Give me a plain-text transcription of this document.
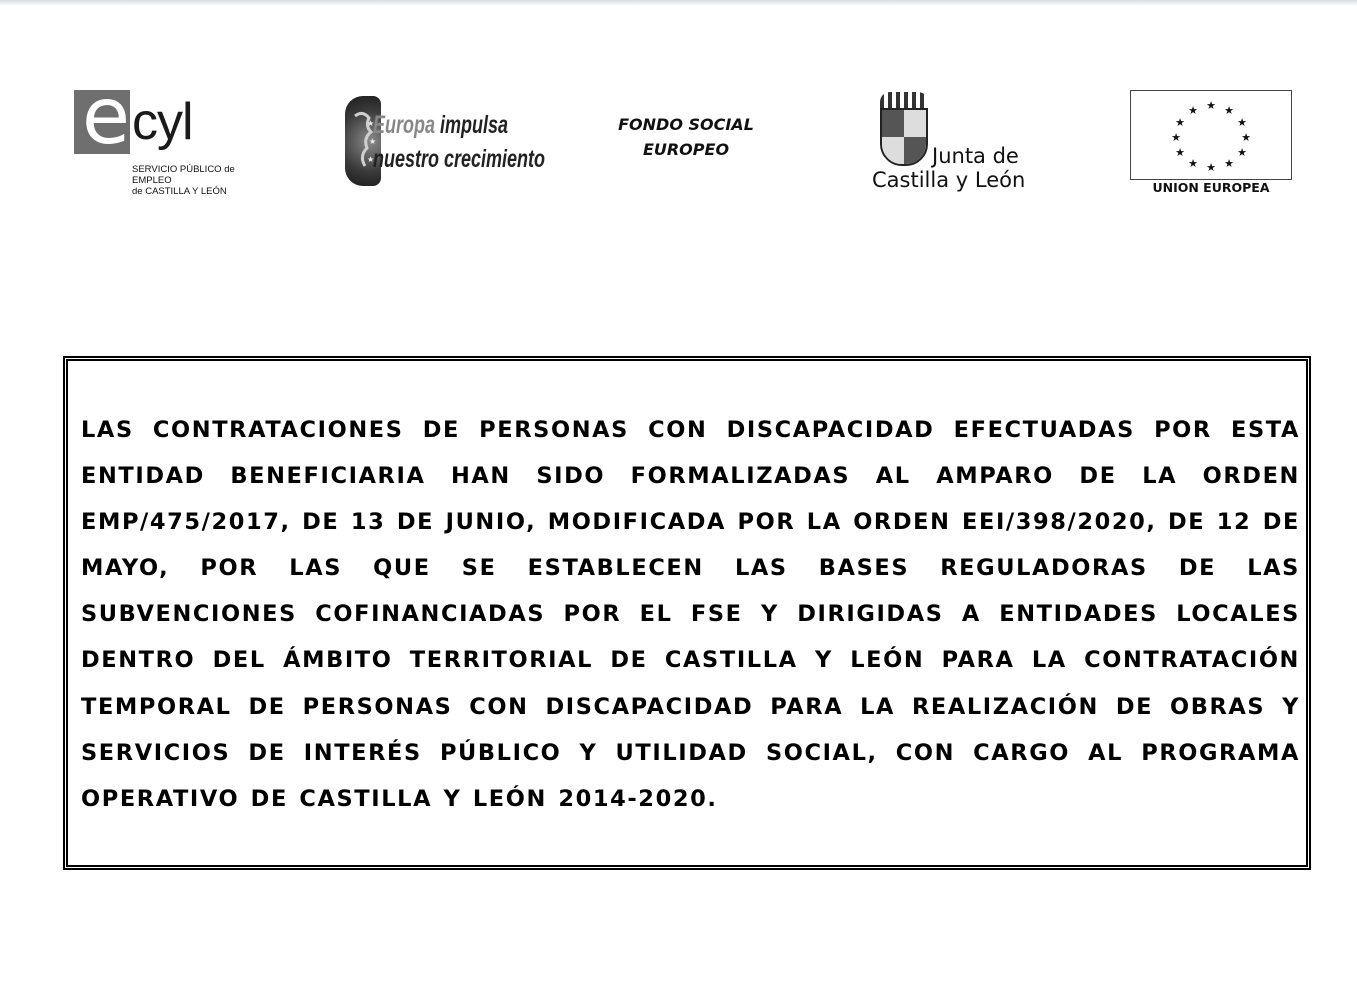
e cyl
SERVICIO PÚBLICO de EMPLEO
de CASTILLA Y LEÓN
★
★
★
Europa impulsa
nuestro crecimiento
FONDO SOCIAL
EUROPEO	Junta de
Castilla y León
★ ★
★
★
★
★
★
★
★
★
★
★
UNION EUROPEA

LAS CONTRATACIONES DE PERSONAS CON DISCAPACIDAD EFECTUADAS POR ESTA ENTIDAD BENEFICIARIA HAN SIDO FORMALIZADAS AL AMPARO DE LA ORDEN EMP/475/2017, DE 13 DE JUNIO, MODIFICADA POR LA ORDEN EEI/398/2020, DE 12 DE MAYO, POR LAS QUE SE ESTABLECEN LAS BASES REGULADORAS DE LAS SUBVENCIONES COFINANCIADAS POR EL FSE Y DIRIGIDAS A ENTIDADES LOCALES DENTRO DEL ÁMBITO TERRITORIAL DE CASTILLA Y LEÓN PARA LA CONTRATACIÓN TEMPORAL DE PERSONAS CON DISCAPACIDAD PARA LA REALIZACIÓN DE OBRAS Y SERVICIOS DE INTERÉS PÚBLICO Y UTILIDAD SOCIAL, CON CARGO AL PROGRAMA OPERATIVO DE CASTILLA Y LEÓN 2014-2020.
